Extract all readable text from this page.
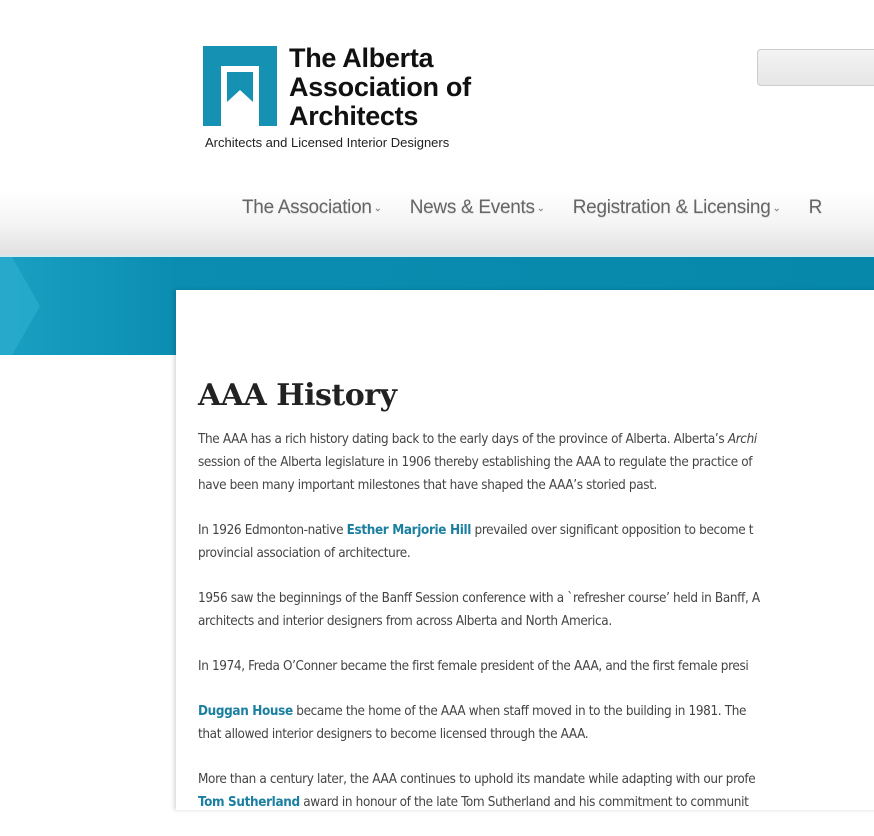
The Alberta
Association of
Architects
Architects and Licensed Interior Designers
The Association ⌄ News & Events ⌄ Registration & Licensing ⌄ R
AAA History
The AAA has a rich history dating back to the early days of the province of Alberta. Alberta’s Archi
session of the Alberta legislature in 1906 thereby establishing the AAA to regulate the practice of
have been many important milestones that have shaped the AAA’s storied past.
In 1926 Edmonton-native Esther Marjorie Hill prevailed over significant opposition to become t
provincial association of architecture.
1956 saw the beginnings of the Banff Session conference with a `refresher course’ held in Banff, A
architects and interior designers from across Alberta and North America.
In 1974, Freda O’Conner became the first female president of the AAA, and the first female presi
Duggan House became the home of the AAA when staff moved in to the building in 1981. The
that allowed interior designers to become licensed through the AAA.
More than a century later, the AAA continues to uphold its mandate while adapting with our profe
Tom Sutherland award in honour of the late Tom Sutherland and his commitment to communit
